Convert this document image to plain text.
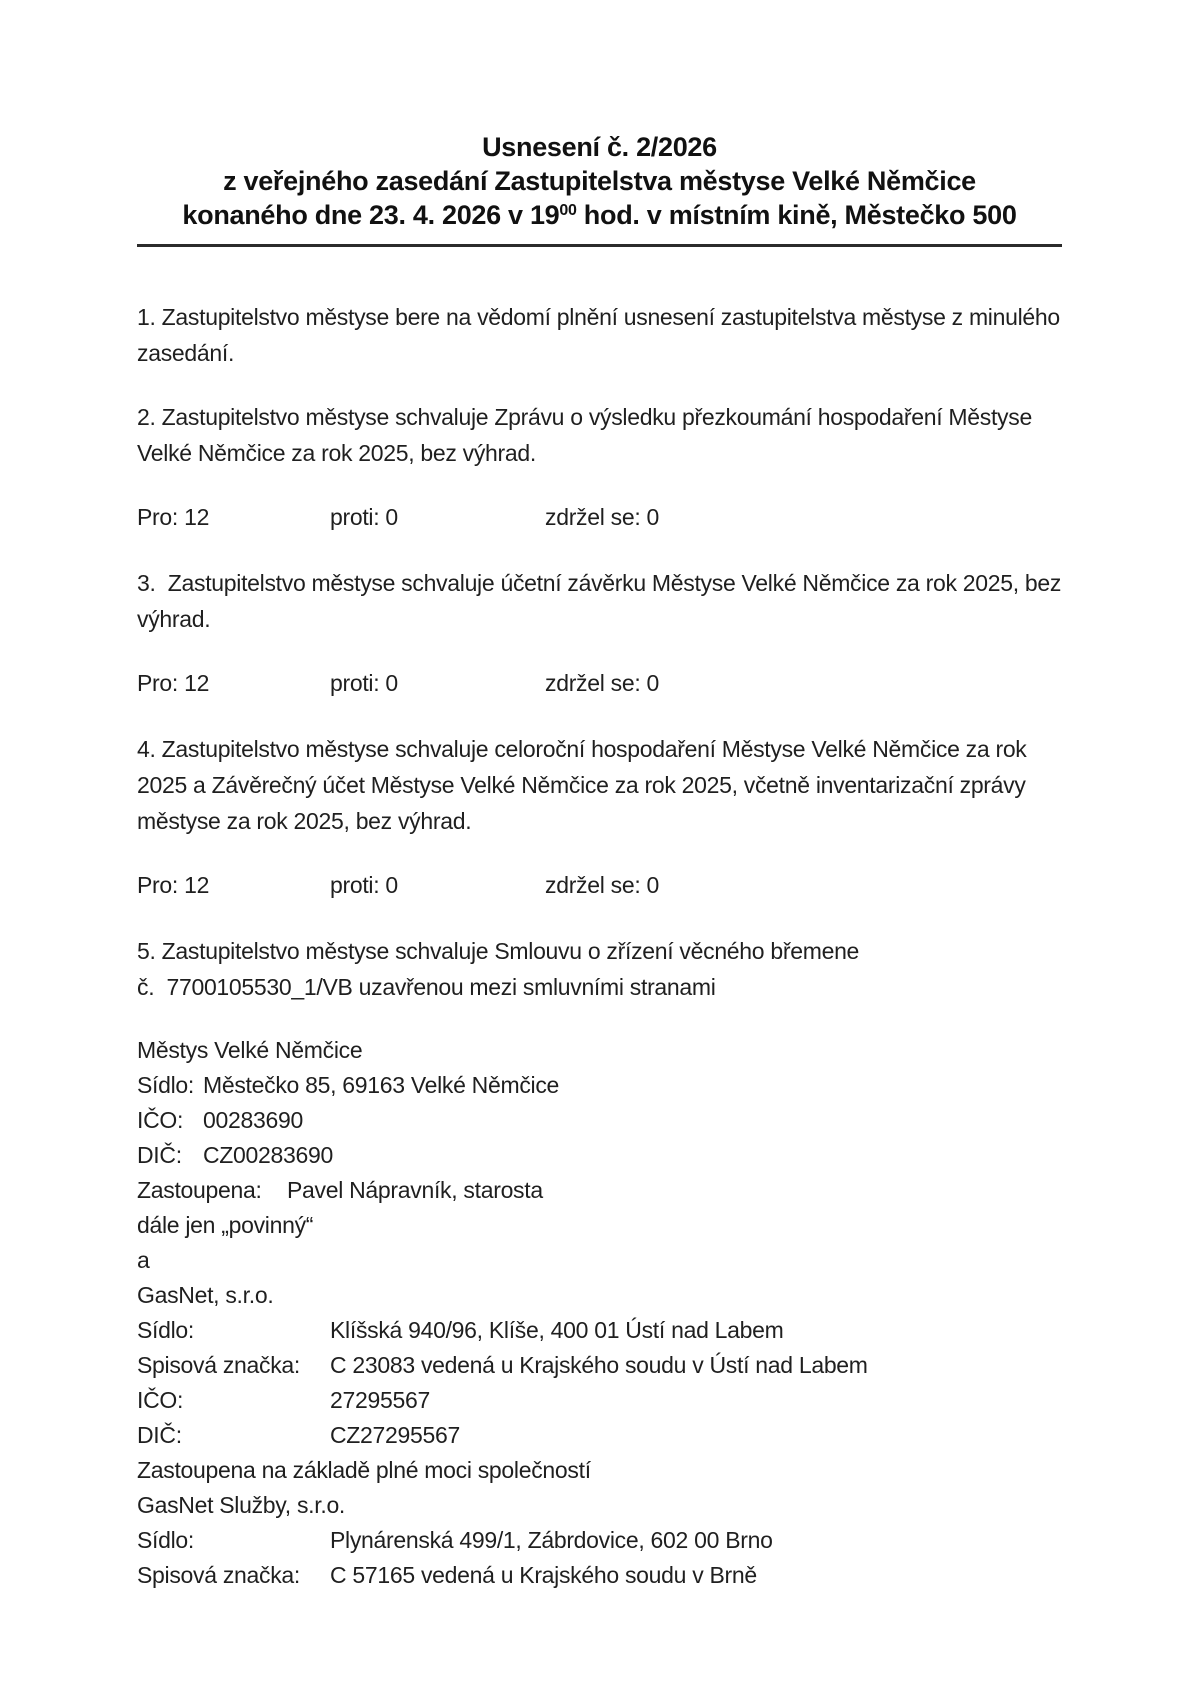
Usnesení č. 2/2026
z veřejného zasedání Zastupitelstva městyse Velké Němčice
konaného dne 23. 4. 2026 v $19^{00}$ hod. v místním kině, Městečko 500

1. Zastupitelstvo městyse bere na vědomí plnění usnesení zastupitelstva městyse z minulého
zasedání.

2. Zastupitelstvo městyse schvaluje Zprávu o výsledku přezkoumání hospodaření Městyse
Velké Němčice za rok 2025, bez výhrad.

Pro: 12	proti: 0	zdržel se: 0

3.  Zastupitelstvo městyse schvaluje účetní závěrku Městyse Velké Němčice za rok 2025, bez
výhrad.

Pro: 12	proti: 0	zdržel se: 0

4. Zastupitelstvo městyse schvaluje celoroční hospodaření Městyse Velké Němčice za rok
2025 a Závěrečný účet Městyse Velké Němčice za rok 2025, včetně inventarizační zprávy
městyse za rok 2025, bez výhrad.

Pro: 12	proti: 0	zdržel se: 0

5. Zastupitelstvo městyse schvaluje Smlouvu o zřízení věcného břemene
č.  7700105530_1/VB uzavřenou mezi smluvními stranami

Městys Velké Němčice
Sídlo: Městečko 85, 69163 Velké Němčice
IČO: 00283690
DIČ: CZ00283690
Zastoupena:	Pavel Nápravník, starosta
dále jen „povinný“
a
GasNet, s.r.o.
Sídlo:	Klíšská 940/96, Klíše, 400 01 Ústí nad Labem
Spisová značka:	C 23083 vedená u Krajského soudu v Ústí nad Labem
IČO:	27295567
DIČ:	CZ27295567
Zastoupena na základě plné moci společností
GasNet Služby, s.r.o.
Sídlo:	Plynárenská 499/1, Zábrdovice, 602 00 Brno
Spisová značka:	C 57165 vedená u Krajského soudu v Brně
